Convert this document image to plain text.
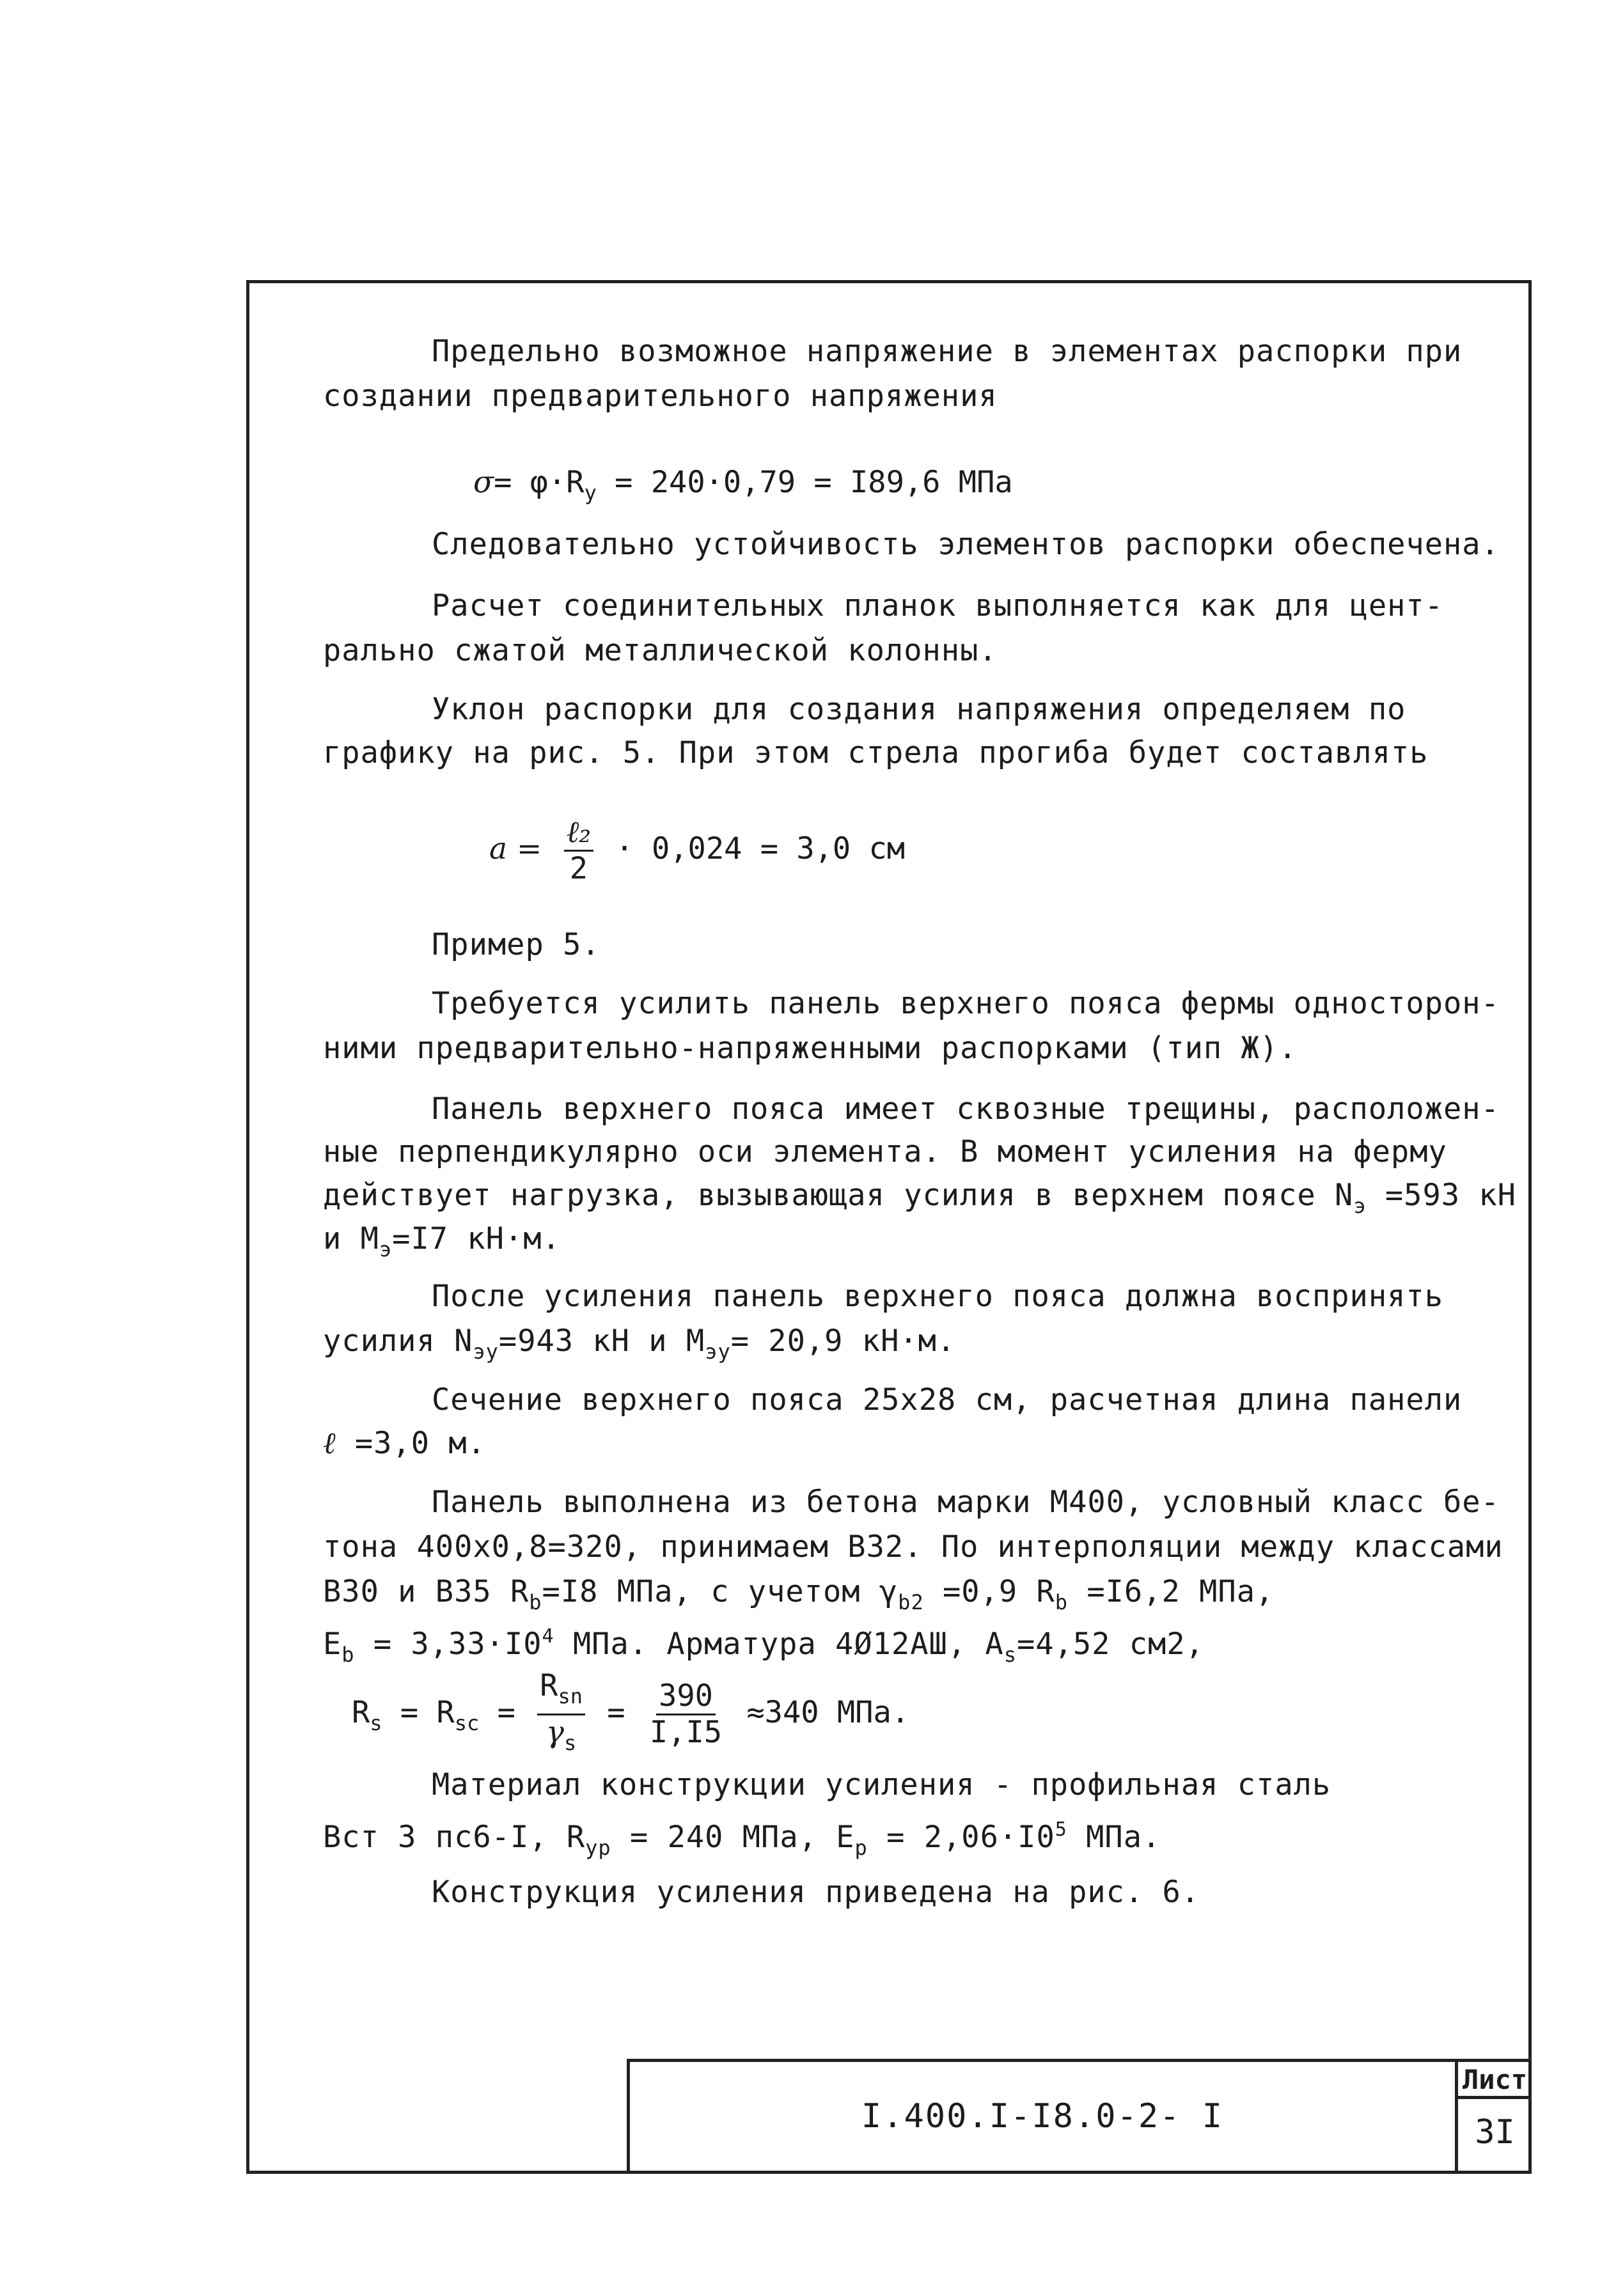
Предельно возможное напряжение в элементах распорки при
создании предварительного напряжения
$\sigma= \varphi\cdot R_y = 240\cdot 0,79 = I89,6$ МПа
Следовательно устойчивость элементов распорки обеспечена.
Расчет соединительных планок выполняется как для цент-
рально сжатой металлической колонны.
Уклон распорки для создания напряжения определяем по
графику на рис. 5. При этом стрела прогиба будет составлять
$a = \frac{\text{ℓ₂}}{2} \cdot 0,024 = 3,0$ см
Пример 5.
Требуется усилить панель верхнего пояса фермы односторон-
ними предварительно-напряженными распорками (тип Ж).
Панель верхнего пояса имеет сквозные трещины, расположен-
ные перпендикулярно оси элемента. В момент усиления на ферму
действует нагрузка, вызывающая усилия в верхнем поясе $N_э =593$ кН
и $M_э=I7$ кН·м.
После усиления панель верхнего пояса должна воспринять
усилия $N_{эу}=943$ кН и $M_{эу}= 20,9$ кН·м.
Сечение верхнего пояса 25х28 см, расчетная длина панели
ℓ =3,0 м.
Панель выполнена из бетона марки М400, условный класс бе-
тона 400х0,8=320, принимаем В32. По интерполяции между классами
В30 и В35 $R_b=I8$ МПа, с учетом $\gamma_{b2} =0,9$ $R_b =I6,2$ МПа,
$E_b = 3,33\cdot I0^4$ МПа. Арматура 4Ø12АШ, $A_s=4,52$ см2,
$R_s = R_{sc} = \frac{R_{sn}}{\gamma_s} = \frac{390}{I,I5} \approx 340$ МПа.
Материал конструкции усиления - профильная сталь
Вст 3 пс6-I, $R_{yp} = 240$ МПа, $E_p = 2,06\cdot I0^5$ МПа.
Конструкция усиления приведена на рис. 6.
I.400.I-I8.0-2- I
Лист
3I
